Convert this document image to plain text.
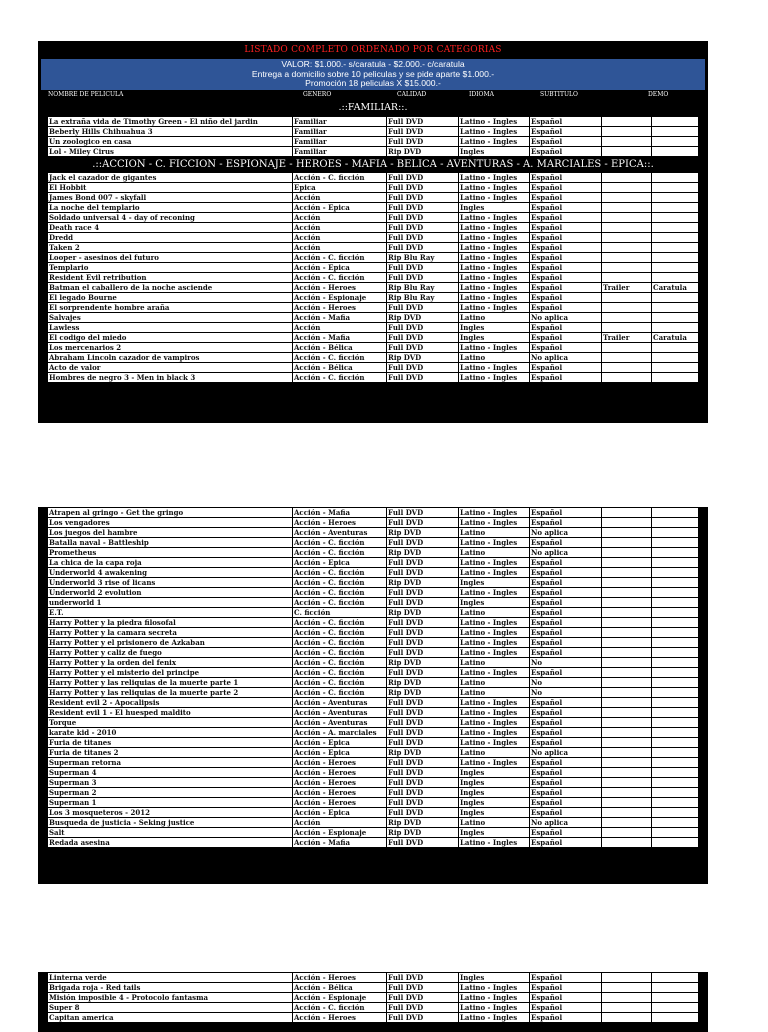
LISTADO COMPLETO ORDENADO POR CATEGORIAS
VALOR: $1.000.- s/caratula - $2.000.- c/caratula
Entrega a domicilio sobre 10 peliculas y se pide aparte $1.000.-
Promoción 18 peliculas X $15.000.-
NOMBRE DE PELICULA	GENERO	CALIDAD	IDIOMA	SUBTITULO	DEMO
.::FAMILIAR::.
La extraña vida de Timothy Green - El niño del jardin	Familiar	Full DVD	Latino - Ingles	Español		
Beberly Hills Chihuahua 3	Familiar	Full DVD	Latino - Ingles	Español		
Un zoologico en casa	Familiar	Full DVD	Latino - Ingles	Español		
Lol - Miley Cirus	Familiar	Rip DVD	Ingles	Español		
.::ACCION - C. FICCION - ESPIONAJE - HEROES - MAFIA - BELICA - AVENTURAS - A. MARCIALES - EPICA::.
Jack el cazador de gigantes	Acción - C. ficción	Full DVD	Latino - Ingles	Español		
El Hobbit	Epica	Full DVD	Latino - Ingles	Español		
James Bond 007 - skyfall	Acción	Full DVD	Latino - Ingles	Español		
La noche del templario	Acción - Epica	Full DVD	Ingles	Español		
Soldado universal 4 - day of reconing	Acción	Full DVD	Latino - Ingles	Español		
Death race 4	Acción	Full DVD	Latino - Ingles	Español		
Dredd	Acción	Full DVD	Latino - Ingles	Español		
Taken 2	Acción	Full DVD	Latino - Ingles	Español		
Looper - asesinos del futuro	Acción - C. ficción	Rip Blu Ray	Latino - Ingles	Español		
Templario	Acción - Epica	Full DVD	Latino - Ingles	Español		
Resident Evil retribution	Acción - C. ficción	Full DVD	Latino - Ingles	Español		
Batman el caballero de la noche asciende	Acción - Heroes	Rip Blu Ray	Latino - Ingles	Español	Trailer	Caratula
El legado Bourne	Acción - Espionaje	Rip Blu Ray	Latino - Ingles	Español		
El sorprendente hombre araña	Acción - Heroes	Full DVD	Latino - Ingles	Español		
Salvajes	Acción - Mafia	Rip DVD	Latino	No aplica		
Lawless	Acción	Full DVD	Ingles	Español		
El codigo del miedo	Acción - Mafia	Full DVD	Ingles	Español	Trailer	Caratula
Los mercenarios 2	Acción - Bélica	Full DVD	Latino - Ingles	Español		
Abraham Lincoln cazador de vampiros	Acción - C. ficción	Rip DVD	Latino	No aplica		
Acto de valor	Acción - Bélica	Full DVD	Latino - Ingles	Español		
Hombres de negro 3 - Men in black 3	Acción - C. ficción	Full DVD	Latino - Ingles	Español		
Atrapen al gringo - Get the gringo	Acción - Mafia	Full DVD	Latino - Ingles	Español		
Los vengadores	Acción - Heroes	Full DVD	Latino - Ingles	Español		
Los juegos del hambre	Acción - Aventuras	Rip DVD	Latino	No aplica		
Batalla naval - Battleship	Acción - C. ficción	Full DVD	Latino - Ingles	Español		
Prometheus	Acción - C. ficción	Rip DVD	Latino	No aplica		
La chica de la capa roja	Acción - Epica	Full DVD	Latino - Ingles	Español		
Underworld 4 awakening	Acción - C. ficción	Full DVD	Latino - Ingles	Español		
Underworld 3 rise of licans	Acción - C. ficción	Rip DVD	Ingles	Español		
Underworld 2 evolution	Acción - C. ficción	Full DVD	Latino - Ingles	Español		
underworld 1	Acción - C. ficción	Full DVD	Ingles	Español		
E.T.	C. ficción	Rip DVD	Latino	Español		
Harry Potter y la piedra filosofal	Acción - C. ficción	Full DVD	Latino - Ingles	Español		
Harry Potter y la camara secreta	Acción - C. ficción	Full DVD	Latino - Ingles	Español		
Harry Potter y el prisionero de Azkaban	Acción - C. ficción	Full DVD	Latino - Ingles	Español		
Harry Potter y caliz de fuego	Acción - C. ficción	Full DVD	Latino - Ingles	Español		
Harry Potter y la orden del fenix	Acción - C. ficción	Rip DVD	Latino	No		
Harry Potter y el misterio del principe	Acción - C. ficción	Full DVD	Latino - Ingles	Español		
Harry Potter y las reliquias de la muerte parte 1	Acción - C. ficción	Rip DVD	Latino	No		
Harry Potter y las reliquias de la muerte parte 2	Acción - C. ficción	Rip DVD	Latino	No		
Resident evil 2 - Apocalipsis	Acción - Aventuras	Full DVD	Latino - Ingles	Español		
Resident evil 1 - El huesped maldito	Acción - Aventuras	Full DVD	Latino - Ingles	Español		
Torque	Acción - Aventuras	Full DVD	Latino - Ingles	Español		
karate kid - 2010	Acción - A. marciales	Full DVD	Latino - Ingles	Español		
Furia de titanes	Acción - Epica	Full DVD	Latino - Ingles	Español		
Furia de titanes 2	Acción - Epica	Rip DVD	Latino	No aplica		
Superman retorna	Acción - Heroes	Full DVD	Latino - Ingles	Español		
Superman 4	Acción - Heroes	Full DVD	Ingles	Español		
Superman 3	Acción - Heroes	Full DVD	Ingles	Español		
Superman 2	Acción - Heroes	Full DVD	Ingles	Español		
Superman 1	Acción - Heroes	Full DVD	Ingles	Español		
Los 3 mosqueteros - 2012	Acción - Epica	Full DVD	Ingles	Español		
Busqueda de justicia - Seking justice	Acción	Rip DVD	Latino	No aplica		
Salt	Acción - Espionaje	Rip DVD	Ingles	Español		
Redada asesina	Acción - Mafia	Full DVD	Latino - Ingles	Español		
Linterna verde	Acción - Heroes	Full DVD	Ingles	Español		
Brigada roja - Red tails	Acción - Bélica	Full DVD	Latino - Ingles	Español		
Misión imposible 4 - Protocolo fantasma	Acción - Espionaje	Full DVD	Latino - Ingles	Español		
Super 8	Acción - C. ficción	Full DVD	Latino - Ingles	Español		
Capitan america	Acción - Heroes	Full DVD	Latino - Ingles	Español		
